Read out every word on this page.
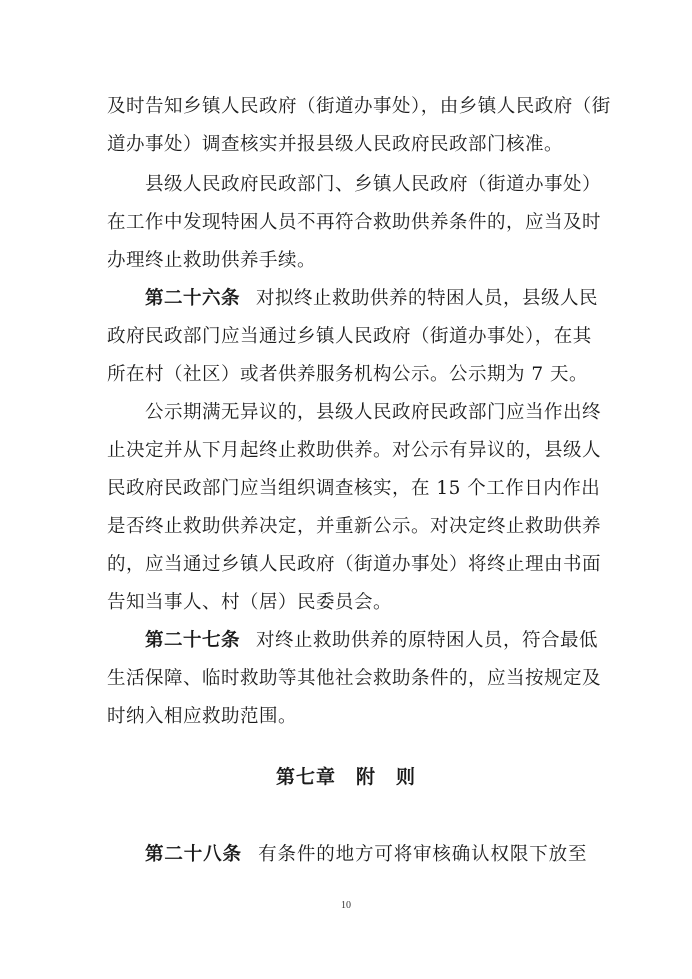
及时告知乡镇人民政府（街道办事处），由乡镇人民政府（街
道办事处）调查核实并报县级人民政府民政部门核准。
县级人民政府民政部门、乡镇人民政府（街道办事处）
在工作中发现特困人员不再符合救助供养条件的，应当及时
办理终止救助供养手续。
第二十六条 对拟终止救助供养的特困人员，县级人民
政府民政部门应当通过乡镇人民政府（街道办事处），在其
所在村（社区）或者供养服务机构公示。公示期为 7 天。
公示期满无异议的，县级人民政府民政部门应当作出终
止决定并从下月起终止救助供养。对公示有异议的，县级人
民政府民政部门应当组织调查核实，在 15 个工作日内作出
是否终止救助供养决定，并重新公示。对决定终止救助供养
的，应当通过乡镇人民政府（街道办事处）将终止理由书面
告知当事人、村（居）民委员会。
第二十七条 对终止救助供养的原特困人员，符合最低
生活保障、临时救助等其他社会救助条件的，应当按规定及
时纳入相应救助范围。
第七章　附　则
第二十八条 有条件的地方可将审核确认权限下放至
10
